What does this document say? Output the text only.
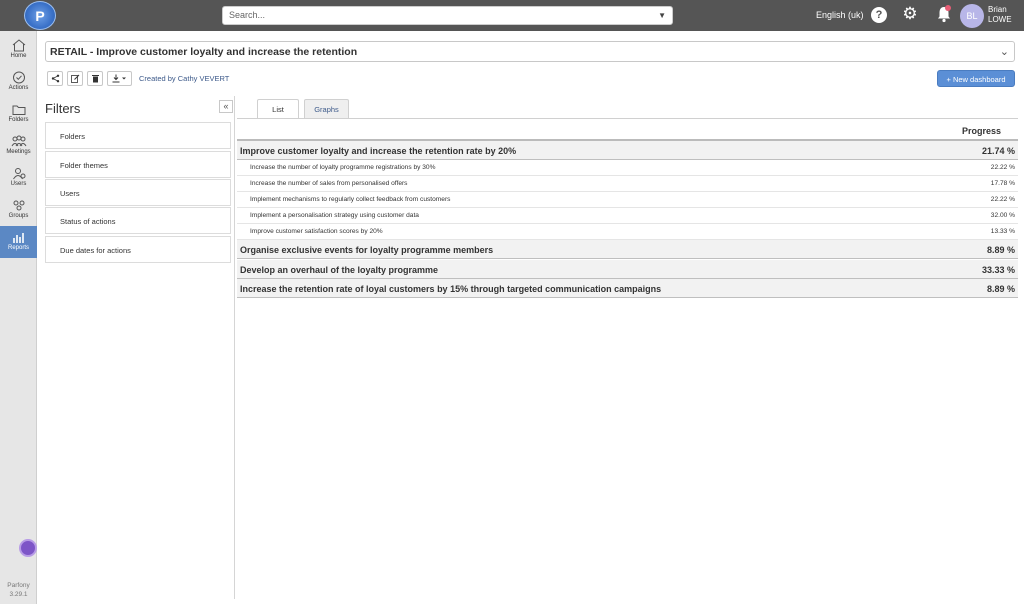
P	Search...	▼	English (uk)	? ⚙	BL
Brian
LOWE
Home
Actions
Folders
Meetings
Users
Groups
Reports
Parfony
3.29.1
RETAIL - Improve customer loyalty and increase the retention	⌄
Created by Cathy VEVERT	+ New dashboard
Filters	«
Folders
Folder themes
Users
Status of actions
Due dates for actions
List	Graphs
Progress
Improve customer loyalty and increase the retention rate by 20%	21.74 %
Increase the number of loyalty programme registrations by 30%	22.22 %
Increase the number of sales from personalised offers	17.78 %
Implement mechanisms to regularly collect feedback from customers	22.22 %
Implement a personalisation strategy using customer data	32.00 %
Improve customer satisfaction scores by 20%	13.33 %
Organise exclusive events for loyalty programme members	8.89 %
Develop an overhaul of the loyalty programme	33.33 %
Increase the retention rate of loyal customers by 15% through targeted communication campaigns	8.89 %
